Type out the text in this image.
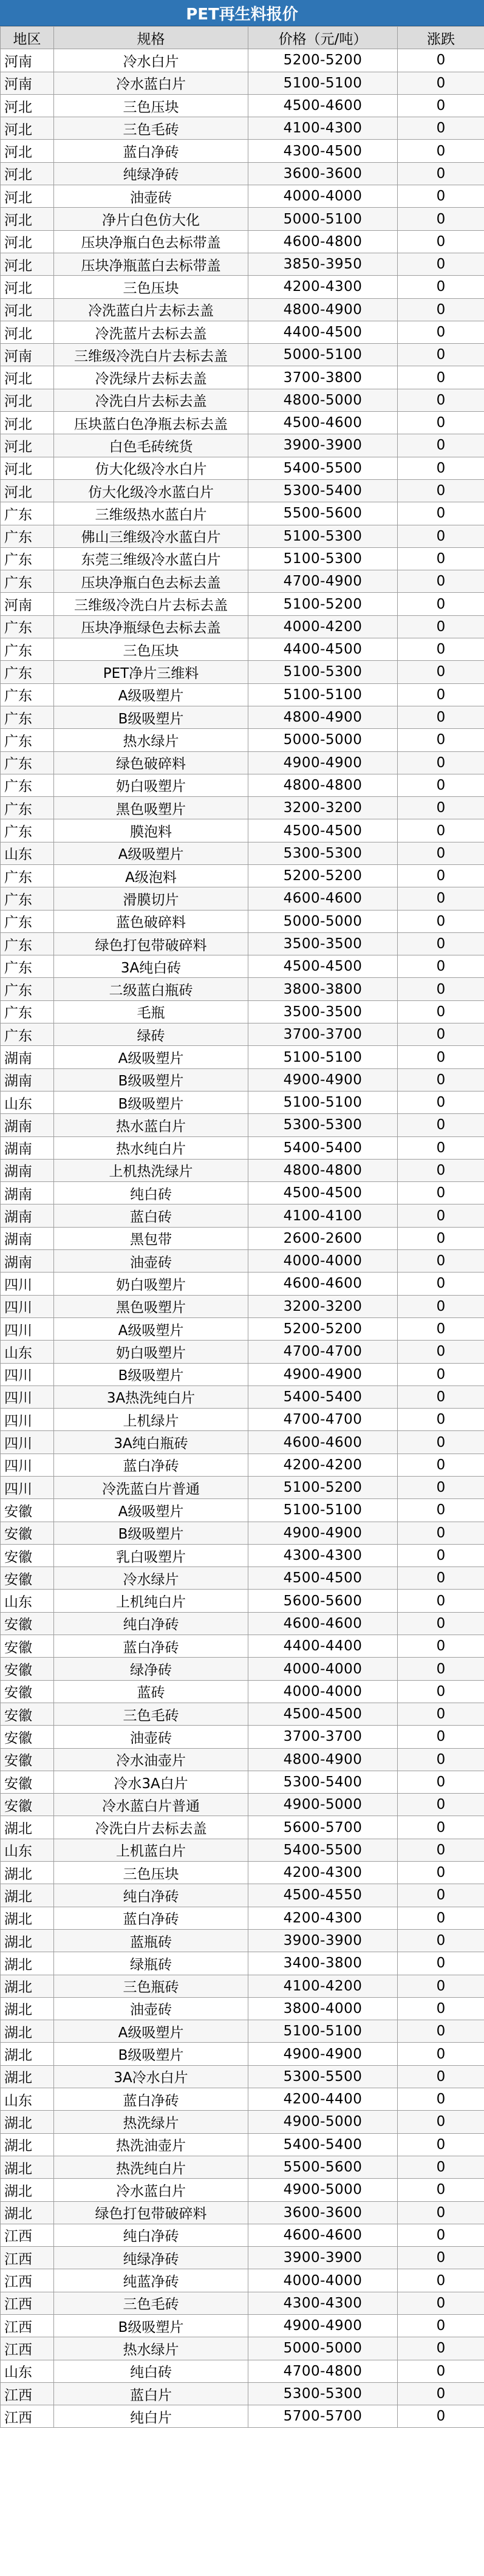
PET再生料报价
地区	规格	价格（元/吨）	涨跌
河南	冷水白片	5200-5200	0
河南	冷水蓝白片	5100-5100	0
河北	三色压块	4500-4600	0
河北	三色毛砖	4100-4300	0
河北	蓝白净砖	4300-4500	0
河北	纯绿净砖	3600-3600	0
河北	油壶砖	4000-4000	0
河北	净片白色仿大化	5000-5100	0
河北	压块净瓶白色去标带盖	4600-4800	0
河北	压块净瓶蓝白去标带盖	3850-3950	0
河北	三色压块	4200-4300	0
河北	冷洗蓝白片去标去盖	4800-4900	0
河北	冷洗蓝片去标去盖	4400-4500	0
河南	三维级冷洗白片去标去盖	5000-5100	0
河北	冷洗绿片去标去盖	3700-3800	0
河北	冷洗白片去标去盖	4800-5000	0
河北	压块蓝白色净瓶去标去盖	4500-4600	0
河北	白色毛砖统货	3900-3900	0
河北	仿大化级冷水白片	5400-5500	0
河北	仿大化级冷水蓝白片	5300-5400	0
广东	三维级热水蓝白片	5500-5600	0
广东	佛山三维级冷水蓝白片	5100-5300	0
广东	东莞三维级冷水蓝白片	5100-5300	0
广东	压块净瓶白色去标去盖	4700-4900	0
河南	三维级冷洗白片去标去盖	5100-5200	0
广东	压块净瓶绿色去标去盖	4000-4200	0
广东	三色压块	4400-4500	0
广东	PET净片三维料	5100-5300	0
广东	A级吸塑片	5100-5100	0
广东	B级吸塑片	4800-4900	0
广东	热水绿片	5000-5000	0
广东	绿色破碎料	4900-4900	0
广东	奶白吸塑片	4800-4800	0
广东	黑色吸塑片	3200-3200	0
广东	膜泡料	4500-4500	0
山东	A级吸塑片	5300-5300	0
广东	A级泡料	5200-5200	0
广东	滑膜切片	4600-4600	0
广东	蓝色破碎料	5000-5000	0
广东	绿色打包带破碎料	3500-3500	0
广东	3A纯白砖	4500-4500	0
广东	二级蓝白瓶砖	3800-3800	0
广东	毛瓶	3500-3500	0
广东	绿砖	3700-3700	0
湖南	A级吸塑片	5100-5100	0
湖南	B级吸塑片	4900-4900	0
山东	B级吸塑片	5100-5100	0
湖南	热水蓝白片	5300-5300	0
湖南	热水纯白片	5400-5400	0
湖南	上机热洗绿片	4800-4800	0
湖南	纯白砖	4500-4500	0
湖南	蓝白砖	4100-4100	0
湖南	黑包带	2600-2600	0
湖南	油壶砖	4000-4000	0
四川	奶白吸塑片	4600-4600	0
四川	黑色吸塑片	3200-3200	0
四川	A级吸塑片	5200-5200	0
山东	奶白吸塑片	4700-4700	0
四川	B级吸塑片	4900-4900	0
四川	3A热洗纯白片	5400-5400	0
四川	上机绿片	4700-4700	0
四川	3A纯白瓶砖	4600-4600	0
四川	蓝白净砖	4200-4200	0
四川	冷洗蓝白片普通	5100-5200	0
安徽	A级吸塑片	5100-5100	0
安徽	B级吸塑片	4900-4900	0
安徽	乳白吸塑片	4300-4300	0
安徽	冷水绿片	4500-4500	0
山东	上机纯白片	5600-5600	0
安徽	纯白净砖	4600-4600	0
安徽	蓝白净砖	4400-4400	0
安徽	绿净砖	4000-4000	0
安徽	蓝砖	4000-4000	0
安徽	三色毛砖	4500-4500	0
安徽	油壶砖	3700-3700	0
安徽	冷水油壶片	4800-4900	0
安徽	冷水3A白片	5300-5400	0
安徽	冷水蓝白片普通	4900-5000	0
湖北	冷洗白片去标去盖	5600-5700	0
山东	上机蓝白片	5400-5500	0
湖北	三色压块	4200-4300	0
湖北	纯白净砖	4500-4550	0
湖北	蓝白净砖	4200-4300	0
湖北	蓝瓶砖	3900-3900	0
湖北	绿瓶砖	3400-3800	0
湖北	三色瓶砖	4100-4200	0
湖北	油壶砖	3800-4000	0
湖北	A级吸塑片	5100-5100	0
湖北	B级吸塑片	4900-4900	0
湖北	3A冷水白片	5300-5500	0
山东	蓝白净砖	4200-4400	0
湖北	热洗绿片	4900-5000	0
湖北	热洗油壶片	5400-5400	0
湖北	热洗纯白片	5500-5600	0
湖北	冷水蓝白片	4900-5000	0
湖北	绿色打包带破碎料	3600-3600	0
江西	纯白净砖	4600-4600	0
江西	纯绿净砖	3900-3900	0
江西	纯蓝净砖	4000-4000	0
江西	三色毛砖	4300-4300	0
江西	B级吸塑片	4900-4900	0
江西	热水绿片	5000-5000	0
山东	纯白砖	4700-4800	0
江西	蓝白片	5300-5300	0
江西	纯白片	5700-5700	0
